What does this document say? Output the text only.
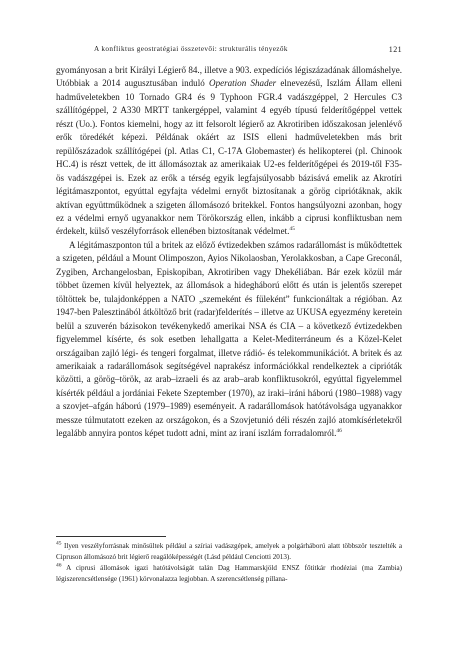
A konfliktus geostratégiai összetevői: strukturális tényezők	121

gyományosan a brit Királyi Légierő 84., illetve a 903. expedíciós légiszázadának állomáshelye. Utóbbiak a 2014 augusztusában induló Operation Shader elnevezésű, Iszlám Állam elleni hadműveletekben 10 Tornado GR4 és 9 Typhoon FGR.4 vadászgéppel, 2 Hercules C3 szállítógéppel, 2 A330 MRTT tankergéppel, valamint 4 egyéb típusú felderítőgéppel vettek részt (Uo.). Fontos kiemelni, hogy az itt felsorolt légierő az Akrotiriben időszakosan jelenlévő erők töredékét képezi. Példának okáért az ISIS elleni hadműveletekben más brit repülőszázadok szállítógépei (pl. Atlas C1, C-17A Globemaster) és helikopterei (pl. Chinook HC.4) is részt vettek, de itt állomásoztak az amerikaiak U2-es felderítőgépei és 2019-től F35-ös vadászgépei is. Ezek az erők a térség egyik legfajsúlyosabb bázisává emelik az Akrotíri légitámaszpontot, egyúttal egyfajta védelmi ernyőt biztosítanak a görög cipriótáknak, akik aktívan együttműködnek a szigeten állomásozó britekkel. Fontos hangsúlyozni azonban, hogy ez a védelmi ernyő ugyanakkor nem Törökország ellen, inkább a ciprusi konfliktusban nem érdekelt, külső veszélyforrások ellenében biztosítanak védelmet.$^{45}$

A légitámaszponton túl a britek az előző évtizedekben számos radarállomást is működtettek a szigeten, például a Mount Olimposzon, Ayios Nikolaosban, Yerolakkosban, a Cape Greconál, Zygiben, Archangelosban, Episkopiban, Akrotiriben vagy Dhekéliában. Bár ezek közül már többet üzemen kívül helyeztek, az állomások a hidegháború előtt és után is jelentős szerepet töltöttek be, tulajdonképpen a NATO „szemeként és füleként” funkcionáltak a régióban. Az 1947-ben Palesztinából átköltöző brit (radar)felderítés – illetve az UKUSA egyezmény keretein belül a szuverén bázisokon tevékenykedő amerikai NSA és CIA – a következő évtizedekben figyelemmel kísérte, és sok esetben lehallgatta a Kelet-Mediterráneum és a Közel-Kelet országaiban zajló légi- és tengeri forgalmat, illetve rádió- és telekommunikációt. A britek és az amerikaiak a radarállomások segítségével naprakész információkkal rendelkeztek a ciprióták közötti, a görög–török, az arab–izraeli és az arab–arab konfliktusokról, egyúttal figyelemmel kísérték például a jordániai Fekete Szeptember (1970), az iraki–iráni háború (1980–1988) vagy a szovjet–afgán háború (1979–1989) eseményeit. A radarállomások hatótávolsága ugyanakkor messze túlmutatott ezeken az országokon, és a Szovjetunió déli részén zajló atomkísérletekről legalább annyira pontos képet tudott adni, mint az iraní iszlám forradalomról.$^{46}$

$^{45}$ Ilyen veszélyforrásnak minősültek például a szíriai vadászgépek, amelyek a polgárháború alatt többször tesztelték a Cipruson állomásozó brit légierő reagálóképességét (Lásd például Cenciotti 2013).

$^{46}$ A ciprusi állomások igazi hatótávolságát talán Dag Hammarskjöld ENSZ főtitkár rhodéziai (ma Zambia) légiszerencsétlensége (1961) körvonalazza legjobban. A szerencsétlenség pillana-
